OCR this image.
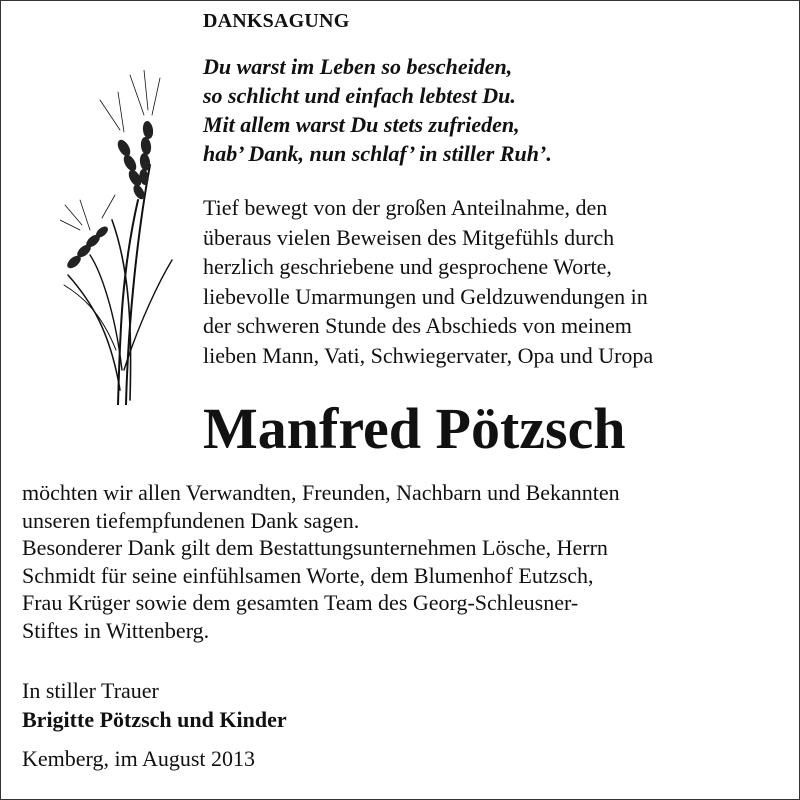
DANKSAGUNG
Du warst im Leben so bescheiden,
so schlicht und einfach lebtest Du.
Mit allem warst Du stets zufrieden,
hab’ Dank, nun schlaf’ in stiller Ruh’.
Tief bewegt von der großen Anteilnahme, den
überaus vielen Beweisen des Mitgefühls durch
herzlich geschriebene und gesprochene Worte,
liebevolle Umarmungen und Geldzuwendungen in
der schweren Stunde des Abschieds von meinem
lieben Mann, Vati, Schwiegervater, Opa und Uropa
Manfred Pötzsch
möchten wir allen Verwandten, Freunden, Nachbarn und Bekannten
unseren tiefempfundenen Dank sagen.
Besonderer Dank gilt dem Bestattungsunternehmen Lösche, Herrn
Schmidt für seine einfühlsamen Worte, dem Blumenhof Eutzsch,
Frau Krüger sowie dem gesamten Team des Georg-Schleusner-
Stiftes in Wittenberg.
In stiller Trauer
Brigitte Pötzsch und Kinder
Kemberg, im August 2013
